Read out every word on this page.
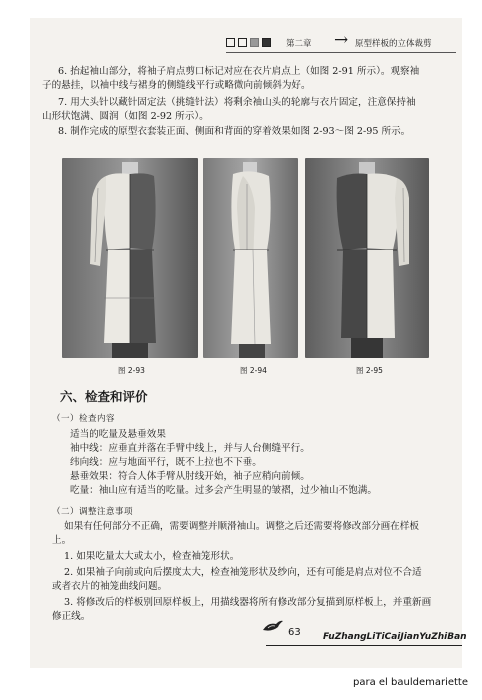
第二章 → 原型样板的立体裁剪
6. 抬起袖山部分，将袖子肩点剪口标记对应在衣片肩点上（如图 2-91 所示）。观察袖
子的悬挂，以袖中线与裙身的侧缝线平行或略微向前倾斜为好。
7. 用大头针以藏针固定法（挑缝针法）将剩余袖山头的轮廓与衣片固定，注意保持袖
山形状饱满、圆润（如图 2-92 所示）。
8. 制作完成的原型衣套装正面、侧面和背面的穿着效果如图 2-93～图 2-95 所示。
图 2-93	图 2-94	图 2-95
六、检查和评价
（一）检查内容
适当的吃量及悬垂效果
袖中线：应垂直并落在手臂中线上，并与人台侧缝平行。
纬向线：应与地面平行，既不上拉也不下垂。
悬垂效果：符合人体手臂从肘线开始，袖子应稍向前倾。
吃量：袖山应有适当的吃量。过多会产生明显的皱褶，过少袖山不饱满。
（二）调整注意事项
如果有任何部分不正确，需要调整并顺滑袖山。调整之后还需要将修改部分画在样板
上。
1. 如果吃量太大或太小，检查袖笼形状。
2. 如果袖子向前或向后摆度太大，检查袖笼形状及纱向，还有可能是肩点对位不合适
或者衣片的袖笼曲线问题。
3. 将修改后的样板别回原样板上，用描线器将所有修改部分复描到原样板上，并重新画
修正线。
63 FuZhangLiTiCaiJianYuZhiBan
para el bauldemariette
